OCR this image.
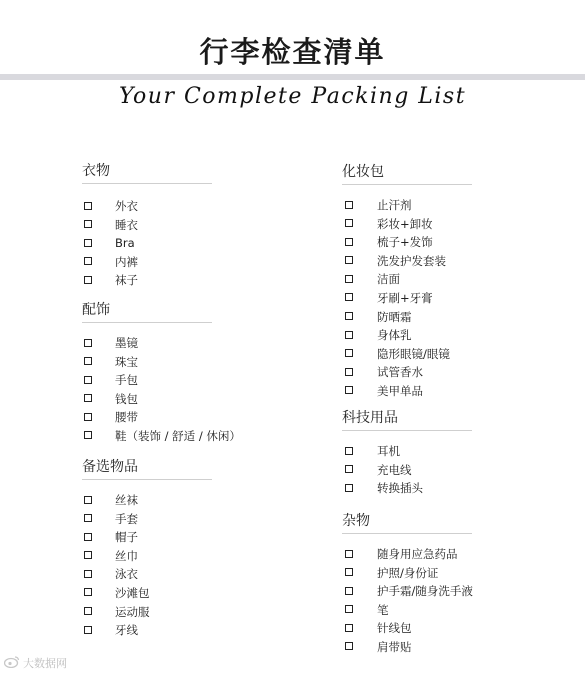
行李检查清单
Your Complete Packing List
衣物
外衣
睡衣
Bra
内裤
袜子
配饰
墨镜
珠宝
手包
钱包
腰带
鞋（装饰 / 舒适 / 休闲）
备选物品
丝袜
手套
帽子
丝巾
泳衣
沙滩包
运动服
牙线
化妆包
止汗剂
彩妆+卸妆
梳子+发饰
洗发护发套装
洁面
牙刷+牙膏
防晒霜
身体乳
隐形眼镜/眼镜
试管香水
美甲单品
科技用品
耳机
充电线
转换插头
杂物
随身用应急药品
护照/身份证
护手霜/随身洗手液
笔
针线包
肩带贴
大数据网
